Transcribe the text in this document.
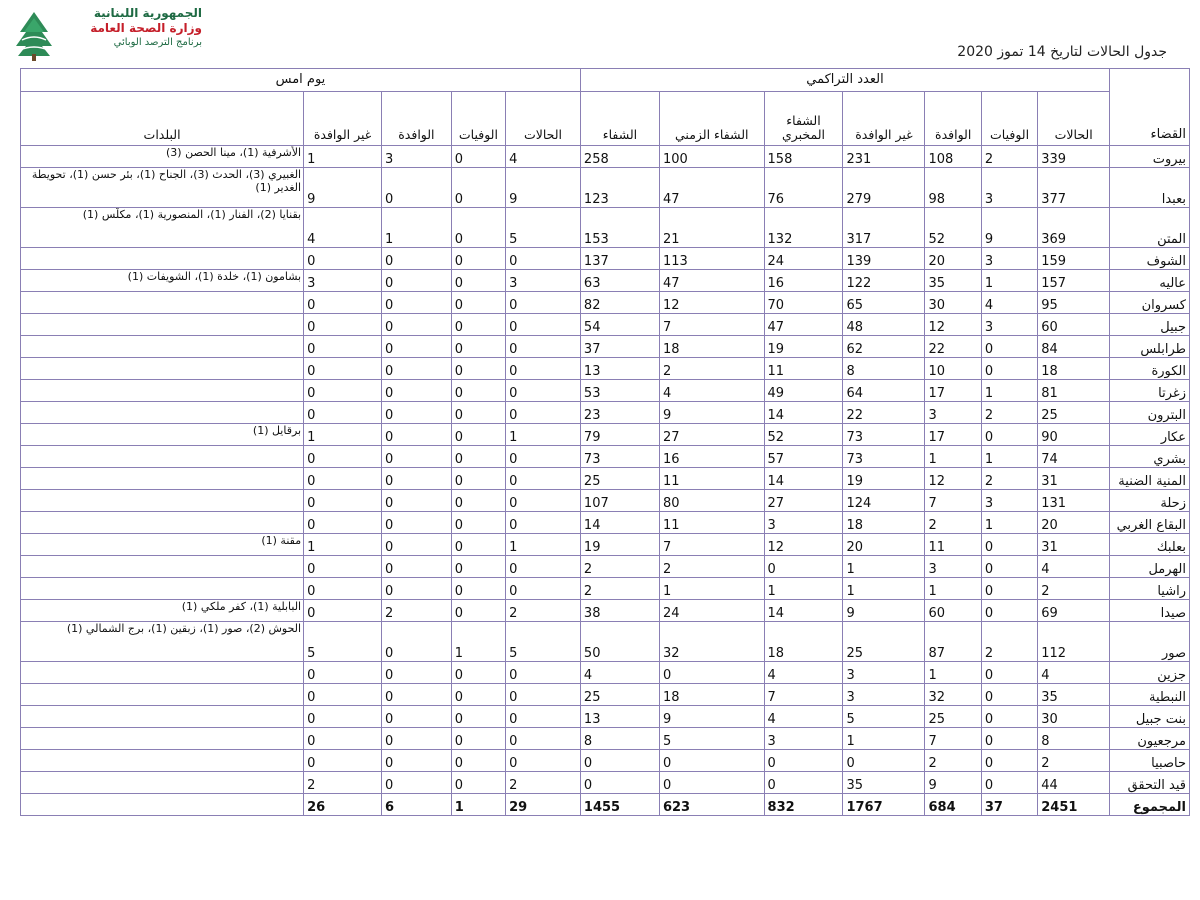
الجمهورية اللبنانية
وزارة الصحة العامة
برنامج الترصد الوبائي
جدول الحالات لتاريخ 14 تموز 2020
القضاء	العدد التراكمي							يوم امس				
	الحالات	الوفيات	الوافدة	غير الوافدة	الشفاء المخبري	الشفاء الزمني	الشفاء	الحالات	الوفيات	الوافدة	غير الوافدة	البلدات
بيروت	339	2	108	231	158	100	258	4	0	3	1	الأشرفية (1)، مينا الحصن (3)
بعبدا	377	3	98	279	76	47	123	9	0	0	9	الغبيري (3)، الحدث (3)، الجناح (1)، بئر حسن (1)، تحويطة الغدير (1)
المتن	369	9	52	317	132	21	153	5	0	1	4	بقنايا (2)، الفنار (1)، المنصورية (1)، مكلّس (1)
الشوف	159	3	20	139	24	113	137	0	0	0	0	
عاليه	157	1	35	122	16	47	63	3	0	0	3	بشامون (1)، خلدة (1)، الشويفات (1)
كسروان	95	4	30	65	70	12	82	0	0	0	0	
جبيل	60	3	12	48	47	7	54	0	0	0	0	
طرابلس	84	0	22	62	19	18	37	0	0	0	0	
الكورة	18	0	10	8	11	2	13	0	0	0	0	
زغرتا	81	1	17	64	49	4	53	0	0	0	0	
البترون	25	2	3	22	14	9	23	0	0	0	0	
عكار	90	0	17	73	52	27	79	1	0	0	1	برقايل (1)
بشري	74	1	1	73	57	16	73	0	0	0	0	
المنية الضنية	31	2	12	19	14	11	25	0	0	0	0	
زحلة	131	3	7	124	27	80	107	0	0	0	0	
البقاع الغربي	20	1	2	18	3	11	14	0	0	0	0	
بعلبك	31	0	11	20	12	7	19	1	0	0	1	مقنة (1)
الهرمل	4	0	3	1	0	2	2	0	0	0	0	
راشيا	2	0	1	1	1	1	2	0	0	0	0	
صيدا	69	0	60	9	14	24	38	2	0	2	0	البابلية (1)، كفر ملكي (1)
صور	112	2	87	25	18	32	50	5	1	0	5	الحوش (2)، صور (1)، زبقين (1)، برج الشمالي (1)
جزين	4	0	1	3	4	0	4	0	0	0	0	
النبطية	35	0	32	3	7	18	25	0	0	0	0	
بنت جبيل	30	0	25	5	4	9	13	0	0	0	0	
مرجعيون	8	0	7	1	3	5	8	0	0	0	0	
حاصبيا	2	0	2	0	0	0	0	0	0	0	0	
قيد التحقق	44	0	9	35	0	0	0	2	0	0	2	
المجموع	2451	37	684	1767	832	623	1455	29	1	6	26	
